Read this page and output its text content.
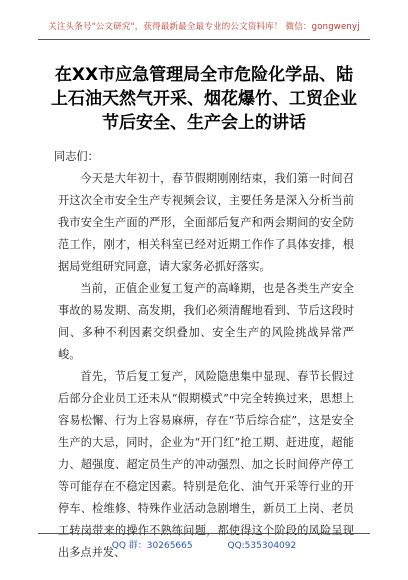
关注头条号"公文研究"，获得最新最全最专业的公文资料库！ 微信：gongwenyj
在XX市应急管理局全市危险化学品、陆
上石油天然气开采、烟花爆竹、工贸企业
节后安全、生产会上的讲话

同志们：

今天是大年初十，春节假期刚刚结束，我们第一时间召开这次全市安全生产专视频会议，主要任务是深入分析当前我市安全生产面的严形，全面部后复产和两会期间的安全防范工作，刚才，相关科室已经对近期工作作了具体安排，根据局党组研究同意，请大家务必抓好落实。

当前，正值企业复工复产的高峰期，也是各类生产安全事故的易发期、高发期，我们必须清醒地看到、节后这段时间、多种不利因素交织叠加、安全生产的风险挑战异常严峻。

首先，节后复工复产，风险隐患集中显现、春节长假过后部分企业员工还未从“假期模式”中完全转换过来，思想上容易松懈、行为上容易麻痹，存在“节后综合症”，这是安全生产的大忌，同时，企业为“开门红”抢工期、赶进度，超能力、超强度、超定员生产的冲动强烈、加之长时间停产停工等可能存在不稳定因素。特别是危化、油气开采等行业的开停车、检维修、特殊作业活动急剧增生，新员工上岗、老员工转岗带来的操作不熟练问题，都使得这个阶段的风险呈现出多点并发、

QQ 群：30265665	QQ:535304092
